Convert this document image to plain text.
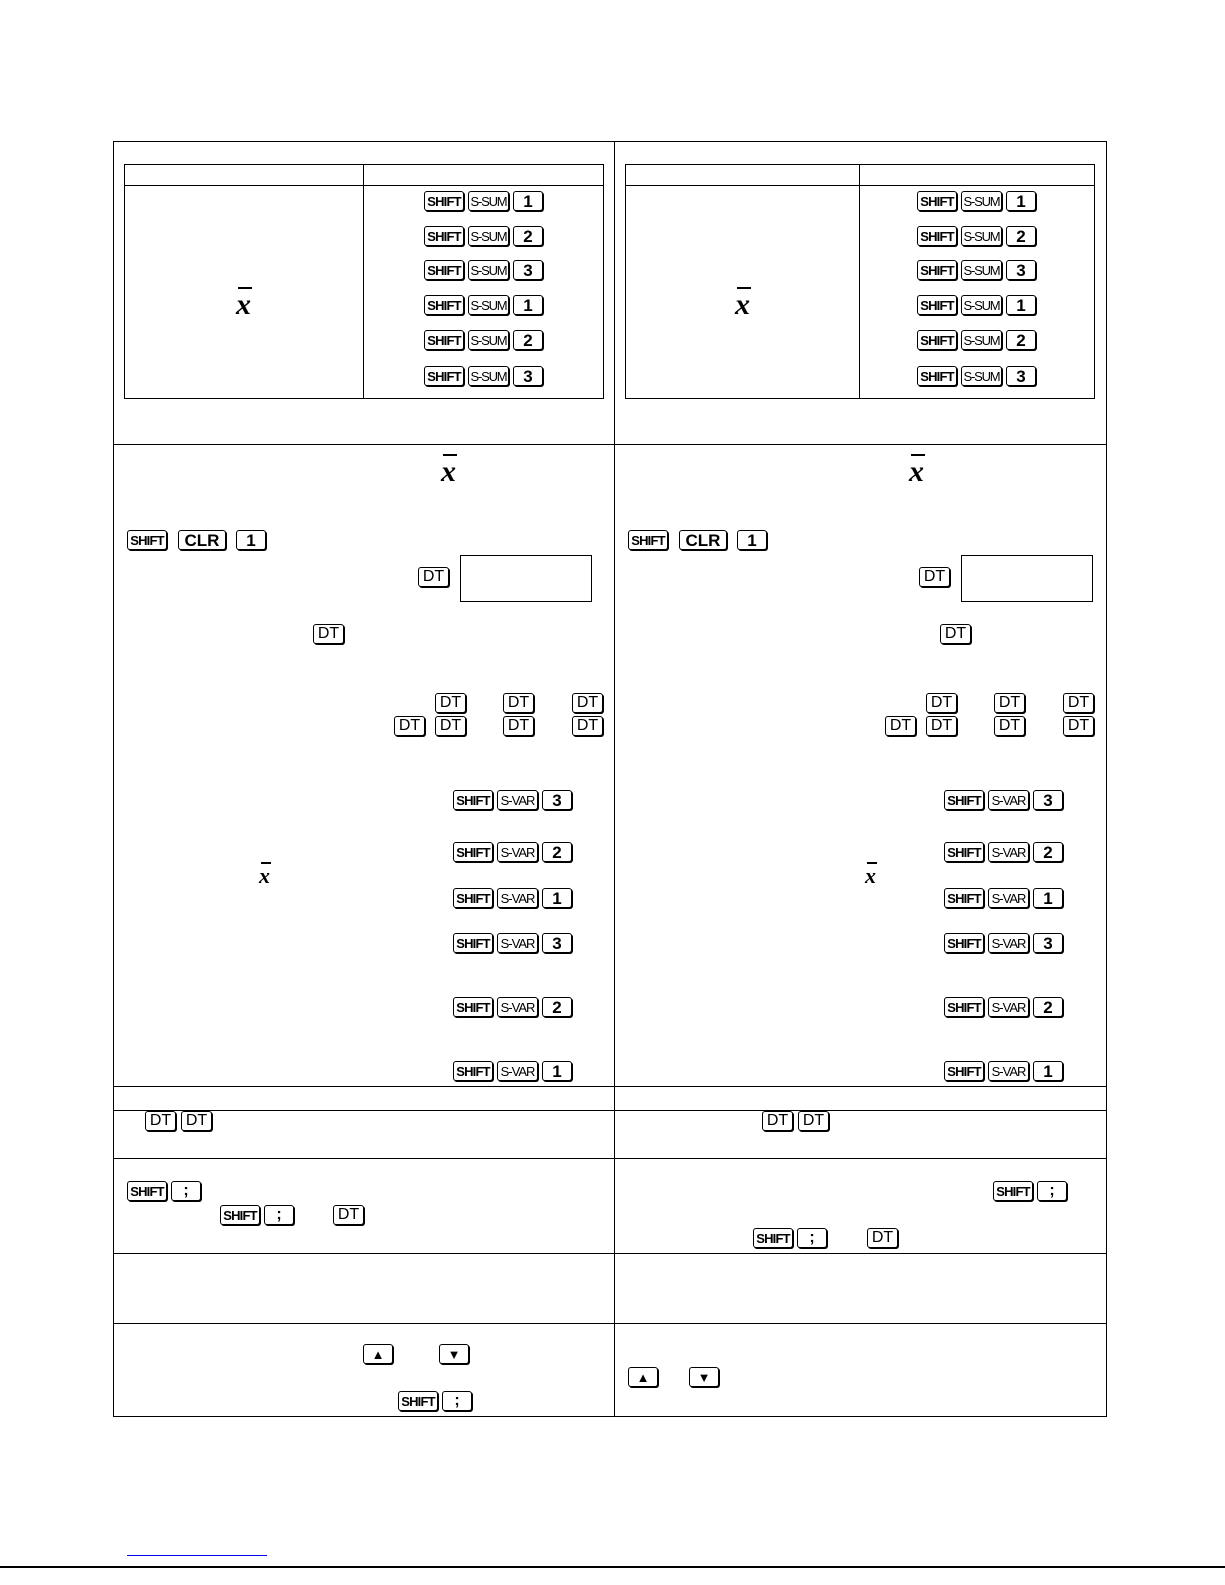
x	x
x	x
x	x
SHIFT S-SUM 1	SHIFT S-SUM 1
SHIFT S-SUM 2	SHIFT S-SUM 2
SHIFT S-SUM 3	SHIFT S-SUM 3
SHIFT S-SUM 1	SHIFT S-SUM 1
SHIFT S-SUM 2	SHIFT S-SUM 2
SHIFT S-SUM 3	SHIFT S-SUM 3
SHIFT	CLR	1	SHIFT	CLR	1
DT	DT
DT	DT
DT	DT	DT
DT	DT	DT	DT
DT	DT	DT
DT	DT	DT	DT
SHIFT S-VAR	3	SHIFT S-VAR	3
SHIFT S-VAR	2	SHIFT S-VAR	2
SHIFT S-VAR	1	SHIFT S-VAR	1
SHIFT S-VAR	3	SHIFT S-VAR	3
SHIFT S-VAR	2	SHIFT S-VAR	2
SHIFT S-VAR	1	SHIFT S-VAR	1
DT DT	DT DT
SHIFT	;
SHIFT	;	DT
SHIFT	;
SHIFT	;	DT
▲	▼
SHIFT	;
▲	▼
